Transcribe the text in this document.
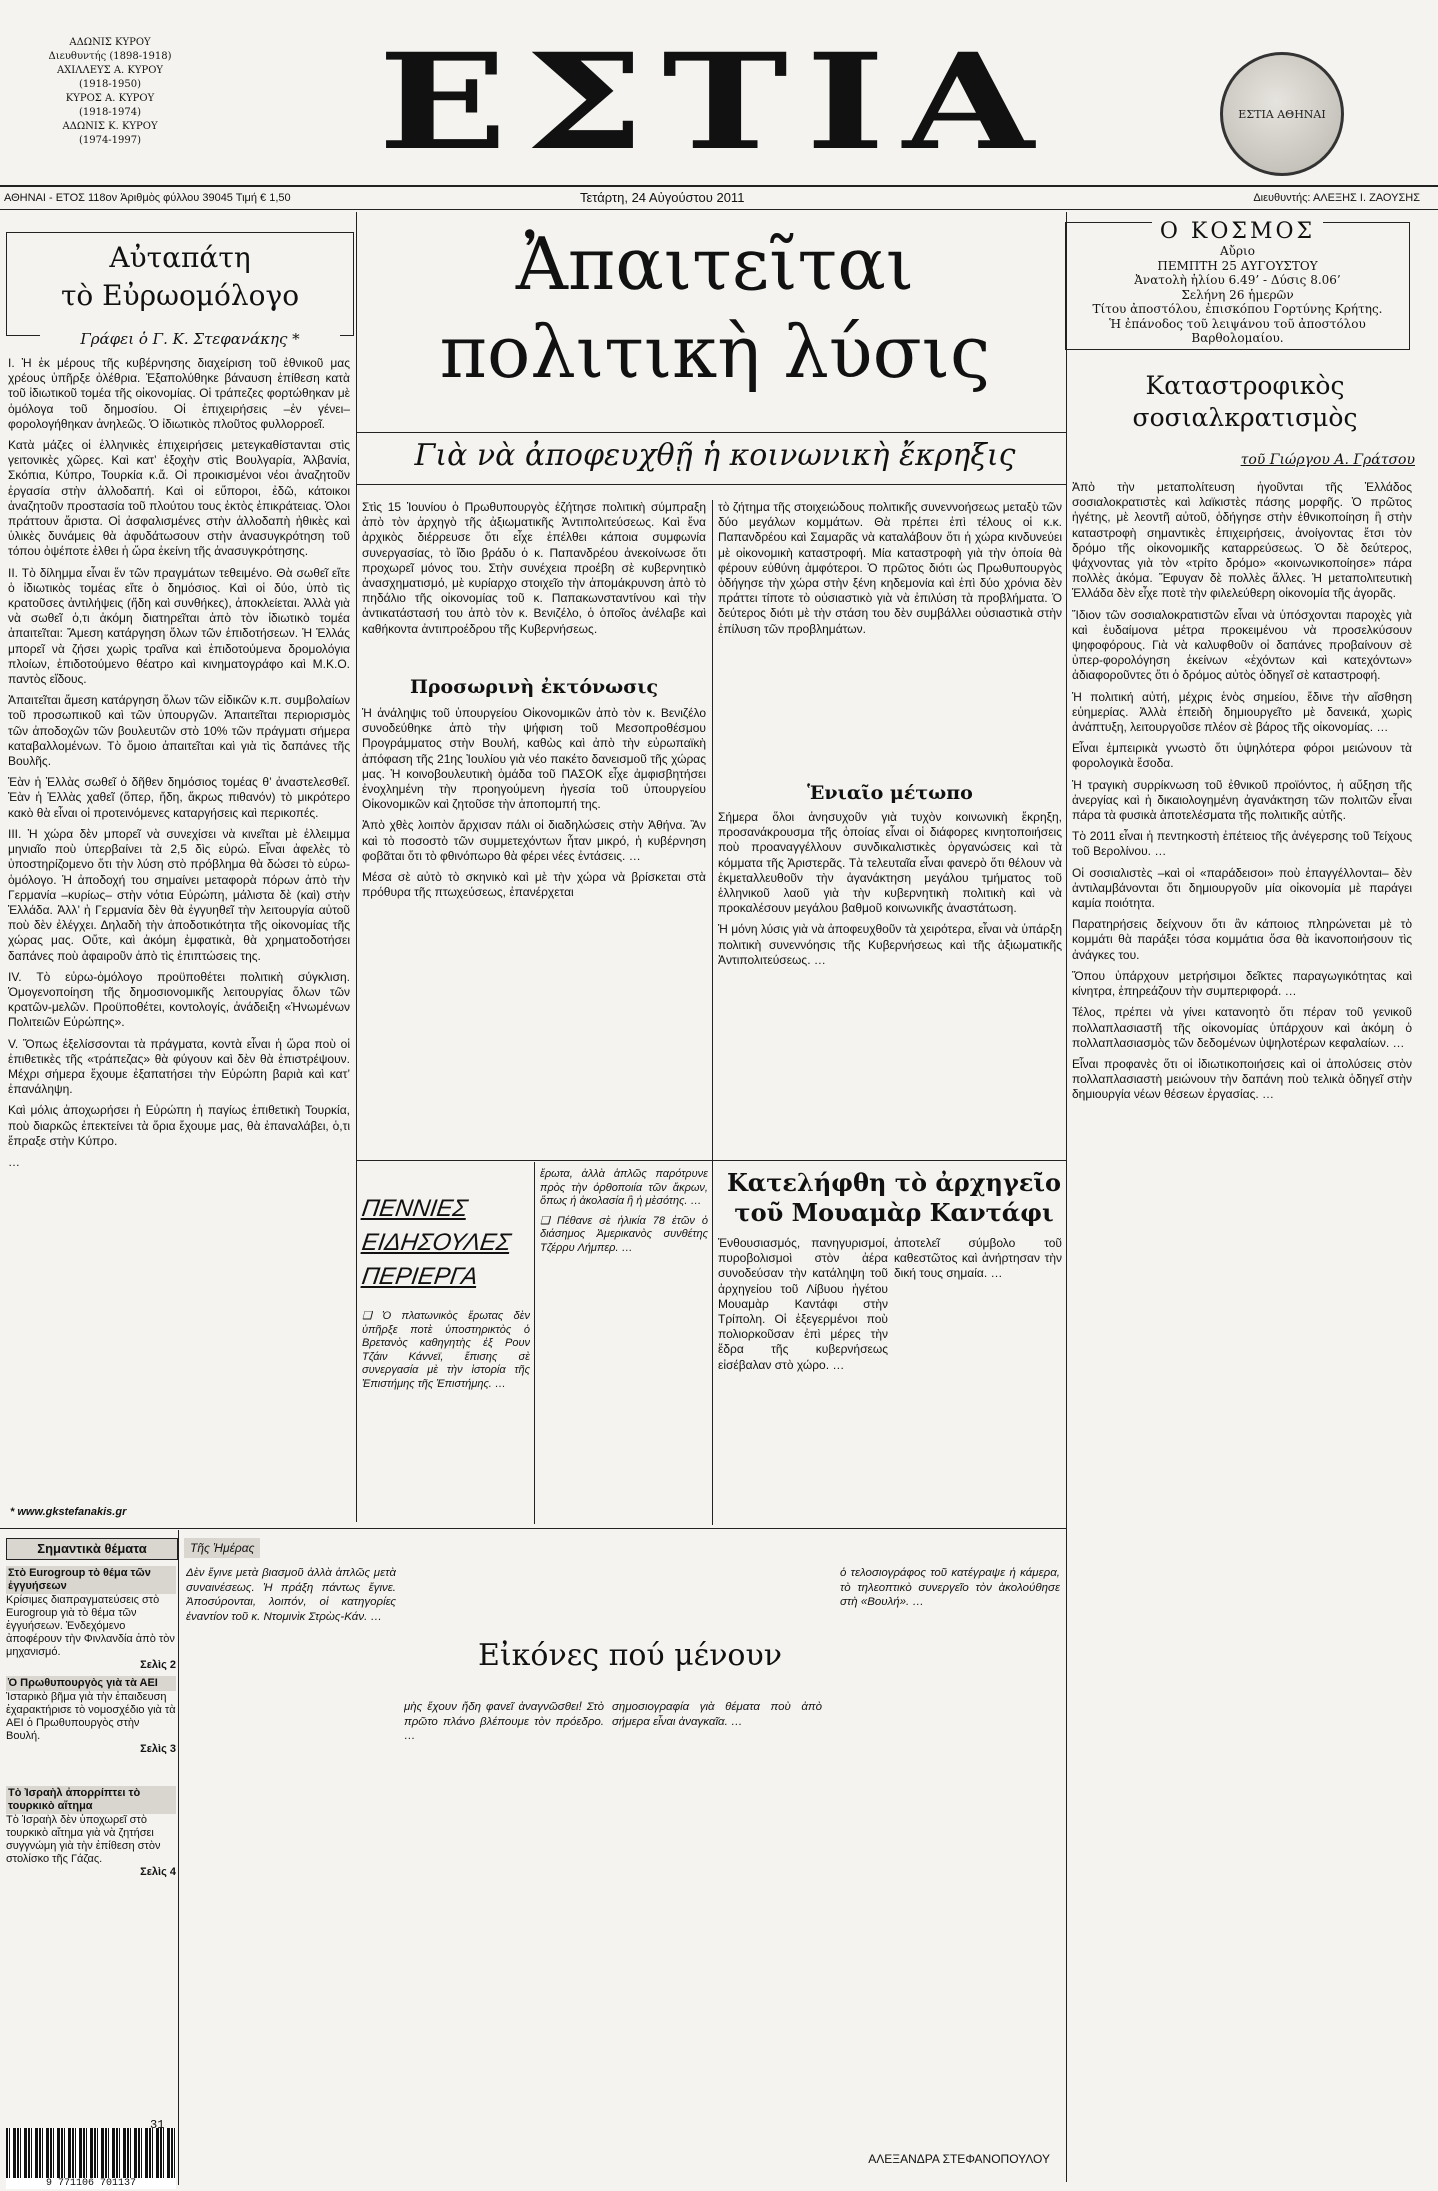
ΑΔΩΝΙΣ ΚΥΡΟΥ
Διευθυντής (1898-1918)
ΑΧΙΛΛΕΥΣ Α. ΚΥΡΟΥ
(1918-1950)
ΚΥΡΟΣ Α. ΚΥΡΟΥ
(1918-1974)
ΑΔΩΝΙΣ Κ. ΚΥΡΟΥ
(1974-1997)	ΕΣΤΙΑ	ΕΣΤΙΑ ΑΘΗΝΑΙ
ΑΘΗΝΑΙ - ΕΤΟΣ 118ον Ἀριθμὸς φύλλου 39045 Τιμή € 1,50	Τετάρτη, 24 Αὐγούστου 2011	Διευθυντής: ΑΛΕΞΗΣ Ι. ΖΑΟΥΣΗΣ
Αὐταπάτη
τὸ Εὐρωομόλογο
Γράφει ὁ Γ. Κ. Στεφανάκης *

Ι. Ἡ ἐκ μέρους τῆς κυβέρνησης διαχείριση τοῦ ἐθνικοῦ μας χρέους ὑπῆρξε ὀλέθρια. Ἐξαπολύθηκε βάναυση ἐπίθεση κατὰ τοῦ ἰδιωτικοῦ τομέα τῆς οἰκονομίας. Οἱ τράπεζες φορτώθηκαν μὲ ὁμόλογα τοῦ δημοσίου. Οἱ ἐπιχειρήσεις –ἐν γένει– φορολογήθηκαν ἀνηλεῶς. Ὁ ἰδιωτικὸς πλοῦτος φυλλορροεῖ.

Κατὰ μάζες οἱ ἑλληνικὲς ἐπιχειρήσεις μετεγκαθίστανται στὶς γειτονικὲς χῶρες. Καὶ κατ’ ἐξοχὴν στὶς Βουλγαρία, Ἀλβανία, Σκόπια, Κύπρο, Τουρκία κ.ἄ. Οἱ προικισμένοι νέοι ἀναζητοῦν ἐργασία στὴν ἀλλοδαπή. Καὶ οἱ εὔποροι, ἐδῶ, κάτοικοι ἀναζητοῦν προστασία τοῦ πλούτου τους ἐκτὸς ἐπικράτειας. Ὁλοι πράττουν ἄριστα. Οἱ ἀσφαλισμένες στὴν ἀλλοδαπὴ ἠθικὲς καὶ ὑλικὲς δυνάμεις θὰ ἀφυδάτωσουν στὴν ἀνασυγκρότηση τοῦ τόπου ὀψέποτε ἐλθει ἡ ὥρα ἐκείνη τῆς ἀνασυγκρότησης.

ΙΙ. Τὸ δίλημμα εἶναι ἕν τῶν πραγμάτων τεθειμένο. Θὰ σωθεῖ εἴτε ὁ ἰδιωτικὸς τομέας εἴτε ὁ δημόσιος. Καὶ οἱ δύο, ὑπὸ τὶς κρατοῦσες ἀντιλήψεις (ἤδη καὶ συνθήκες), ἀποκλείεται. Ἀλλὰ γιὰ νὰ σωθεῖ ὁ,τι ἀκόμη διατηρεῖται ἀπὸ τὸν ἰδιωτικὸ τομέα ἀπαιτεῖται: Ἄμεση κατάργηση ὅλων τῶν ἐπιδοτήσεων. Ἡ Ἑλλάς μπορεῖ νὰ ζήσει χωρὶς τραῖνα καὶ ἐπιδοτούμενα δρομολόγια πλοίων, ἐπιδοτούμενο θέατρο καὶ κινηματογράφο καὶ Μ.Κ.Ο. παντὸς εἴδους.

Ἀπαιτεῖται ἄμεση κατάργηση ὅλων τῶν εἰδικῶν κ.π. συμβολαίων τοῦ προσωπικοῦ καὶ τῶν ὑπουργῶν. Ἀπαιτεῖται περιορισμὸς τῶν ἀποδοχῶν τῶν βουλευτῶν στὸ 10% τῶν πράγματι σήμερα καταβαλλομένων. Τὸ ὅμοιο ἀπαιτεῖται καὶ γιὰ τὶς δαπάνες τῆς Βουλῆς.

Ἐὰν ἡ Ἑλλὰς σωθεῖ ὁ δῆθεν δημόσιος τομέας θ’ ἀναστελεσθεῖ. Ἐὰν ἡ Ἑλλὰς χαθεῖ (ὅπερ, ἤδη, ἄκρως πιθανόν) τὸ μικρότερο κακὸ θὰ εἶναι οἱ προτεινόμενες καταργήσεις καὶ περικοπές.

ΙΙΙ. Ἡ χώρα δὲν μπορεῖ νὰ συνεχίσει νὰ κινεῖται μὲ ἐλλειμμα μηνιαῖο ποὺ ὑπερβαίνει τὰ 2,5 δὶς εὐρώ. Εἶναι ἀφελὲς τὸ ὑποστηρίζομενο ὅτι τὴν λύση στὸ πρόβλημα θὰ δώσει τὸ εὐρω-ὁμόλογο. Ἡ ἀποδοχή του σημαίνει μεταφορὰ πόρων ἀπὸ τὴν Γερμανία –κυρίως– στὴν νότια Εὐρώπη, μάλιστα δὲ (καὶ) στὴν Ἑλλάδα. Ἀλλ’ ἡ Γερμανία δὲν θὰ ἐγγυηθεῖ τὴν λειτουργία αὐτοῦ ποὺ δὲν ἐλέγχει. Δηλαδὴ τὴν ἀποδοτικότητα τῆς οἰκονομίας τῆς χώρας μας. Οὔτε, καὶ ἀκόμη ἐμφατικὰ, θὰ χρηματοδοτήσει δαπάνες ποὺ ἀφαιροῦν ἀπὸ τὶς ἐπιπτώσεις της.

IV. Τὸ εὐρω-ὁμόλογο προϋποθέτει πολιτικὴ σύγκλιση. Ὁμογενοποίηση τῆς δημοσιονομικῆς λειτουργίας ὅλων τῶν κρατῶν-μελῶν. Προϋποθέτει, κοντολογίς, ἀνάδειξη «Ἡνωμένων Πολιτειῶν Εὐρώπης».

V. Ὅπως ἐξελίσσονται τὰ πράγματα, κοντὰ εἶναι ἡ ὥρα ποὺ οἱ ἐπιθετικὲς τῆς «τράπεζας» θὰ φύγουν καὶ δὲν θὰ ἐπιστρέψουν. Μέχρι σήμερα ἔχουμε ἐξαπατήσει τὴν Εὐρώπη βαριὰ καὶ κατ’ ἐπανάληψη.

Καὶ μόλις ἀποχωρήσει ἡ Εὐρώπη ἡ παγίως ἐπιθετικὴ Τουρκία, ποὺ διαρκῶς ἐπεκτείνει τὰ ὅρια ἔχουμε μας, θὰ ἐπαναλάβει, ὁ,τι ἔπραξε στὴν Κύπρο.

…

* www.gkstefanakis.gr
Ἀπαιτεῖται
πολιτικὴ λύσις
Γιὰ νὰ ἀποφευχθῇ ἡ κοινωνικὴ ἔκρηξις

Στὶς 15 Ἰουνίου ὁ Πρωθυπουργὸς ἐζήτησε πολιτικὴ σύμπραξη ἀπὸ τὸν ἀρχηγὸ τῆς ἀξιωματικῆς Ἀντιπολιτεύσεως. Καὶ ἕνα ἀρχικὸς διέρρευσε ὅτι εἶχε ἐπέλθει κάποια συμφωνία συνεργασίας, τὸ ἴδιο βράδυ ὁ κ. Παπανδρέου ἀνεκοίνωσε ὅτι προχωρεῖ μόνος του. Στὴν συνέχεια προέβη σὲ κυβερνητικὸ ἀνασχηματισμό, μὲ κυρίαρχο στοιχεῖο τὴν ἀπομάκρυνση ἀπὸ τὸ πηδάλιο τῆς οἰκονομίας τοῦ κ. Παπακωνσταντίνου καὶ τὴν ἀντικατάστασή του ἀπὸ τὸν κ. Βενιζέλο, ὁ ὁποῖος ἀνέλαβε καὶ καθήκοντα ἀντιπροέδρου τῆς Κυβερνήσεως.

Προσωρινὴ ἐκτόνωσις

Ἡ ἀνάληψις τοῦ ὑπουργείου Οἰκονομικῶν ἀπὸ τὸν κ. Βενιζέλο συνοδεύθηκε ἀπὸ τὴν ψήφιση τοῦ Μεσοπροθέσμου Προγράμματος στὴν Βουλή, καθὼς καὶ ἀπὸ τὴν εὐρωπαϊκὴ ἀπόφαση τῆς 21ης Ἰουλίου γιὰ νέο πακέτο δανεισμοῦ τῆς χώρας μας. Ἡ κοινοβουλευτικὴ ὁμάδα τοῦ ΠΑΣΟΚ εἶχε ἀμφισβητήσει ἐνοχλημένη τὴν προηγούμενη ἡγεσία τοῦ ὑπουργείου Οἰκονομικῶν καὶ ζητοῦσε τὴν ἀποπομπή της.

Ἀπὸ χθὲς λοιπὸν ἄρχισαν πάλι οἱ διαδηλώσεις στὴν Ἀθήνα. Ἂν καὶ τὸ ποσοστὸ τῶν συμμετεχόντων ἦταν μικρό, ἡ κυβέρνηση φοβᾶται ὅτι τὸ φθινόπωρο θὰ φέρει νέες ἐντάσεις. …

Μέσα σὲ αὐτὸ τὸ σκηνικὸ καὶ μὲ τὴν χώρα νὰ βρίσκεται στὰ πρόθυρα τῆς πτωχεύσεως, ἐπανέρχεται

τὸ ζήτημα τῆς στοιχειώδους πολιτικῆς συνεννοήσεως μεταξὺ τῶν δύο μεγάλων κομμάτων. Θὰ πρέπει ἐπὶ τέλους οἱ κ.κ. Παπανδρέου καὶ Σαμαρᾶς νὰ καταλάβουν ὅτι ἡ χώρα κινδυνεύει μὲ οἰκονομικὴ καταστροφή. Μία καταστροφὴ γιὰ τὴν ὁποία θὰ φέρουν εὐθύνη ἀμφότεροι. Ὁ πρῶτος διότι ὡς Πρωθυπουργὸς ὁδήγησε τὴν χώρα στὴν ξένη κηδεμονία καὶ ἐπὶ δύο χρόνια δὲν πράττει τίποτε τὸ οὐσιαστικὸ γιὰ νὰ ἐπιλύση τὰ προβλήματα. Ὁ δεύτερος διότι μὲ τὴν στάση του δὲν συμβάλλει οὐσιαστικὰ στὴν ἐπίλυση τῶν προβλημάτων.

Ἑνιαῖο μέτωπο

Σήμερα ὅλοι ἀνησυχοῦν γιὰ τυχὸν κοινωνικὴ ἔκρηξη, προσανάκρουσμα τῆς ὁποίας εἶναι οἱ διάφορες κινητοποιήσεις ποὺ προαναγγέλλουν συνδικαλιστικὲς ὀργανώσεις καὶ τὰ κόμματα τῆς Ἀριστερᾶς. Τὰ τελευταῖα εἶναι φανερὸ ὅτι θέλουν νὰ ἐκμεταλλευθοῦν τὴν ἀγανάκτηση μεγάλου τμήματος τοῦ ἑλληνικοῦ λαοῦ γιὰ τὴν κυβερνητικὴ πολιτικὴ καὶ νὰ προκαλέσουν μεγάλου βαθμοῦ κοινωνικῆς ἀναστάτωση.

Ἡ μόνη λύσις γιὰ νὰ ἀποφευχθοῦν τὰ χειρότερα, εἶναι νὰ ὑπάρξη πολιτικὴ συνεννόησις τῆς Κυβερνήσεως καὶ τῆς ἀξιωματικῆς Ἀντιπολιτεύσεως. …

Ο ΚΟΣΜΟΣ
Αὔριο
ΠΕΜΠΤΗ 25 ΑΥΓΟΥΣΤΟΥ
Ἀνατολὴ ἡλίου 6.49’ - Δύσις 8.06’
Σελήνη 26 ἡμερῶν
Τίτου ἀποστόλου, ἐπισκόπου Γορτύνης Κρήτης.
Ἡ ἐπάνοδος τοῦ λειψάνου τοῦ ἀποστόλου Βαρθολομαίου.
Καταστροφικὸς
σοσιαλκρατισμὸς
τοῦ Γιώργου Α. Γράτσου

Ἀπὸ τὴν μεταπολίτευση ἡγοῦνται τῆς Ἑλλάδος σοσιαλοκρατιστὲς καὶ λαϊκιστὲς πάσης μορφῆς. Ὁ πρῶτος ἡγέτης, μὲ λεοντῆ αὐτοῦ, ὁδήγησε στὴν ἐθνικοποίηση ἢ στὴν καταστροφὴ σημαντικὲς ἐπιχειρήσεις, ἀνοίγοντας ἔτσι τὸν δρόμο τῆς οἰκονομικῆς καταρρεύσεως. Ὁ δὲ δεύτερος, ψάχνοντας γιὰ τὸν «τρίτο δρόμο» «κοινωνικοποίησε» πάρα πολλὲς ἀκόμα. Ἔφυγαν δὲ πολλὲς ἄλλες. Ἡ μεταπολιτευτικὴ Ἑλλάδα δὲν εἶχε ποτὲ τὴν φιλελεύθερη οἰκονομία τῆς ἀγορᾶς.

Ἴδιον τῶν σοσιαλοκρατιστῶν εἶναι νὰ ὑπόσχονται παροχὲς γιὰ καὶ ἐυδαίμονα μέτρα προκειμένου νὰ προσελκύσουν ψηφοφόρους. Γιὰ νὰ καλυφθοῦν οἱ δαπάνες προβαίνουν σὲ ὑπερ-φορολόγηση ἐκείνων «ἐχόντων καὶ κατεχόντων» ἀδιαφοροῦντες ὅτι ὁ δρόμος αὐτὸς ὁδηγεῖ σὲ καταστροφή.

Ἡ πολιτική αὐτή, μέχρις ἑνὸς σημείου, ἔδινε τὴν αἴσθηση εὐημερίας. Ἀλλὰ ἐπειδὴ δημιουργεῖτο μὲ δανεικά, χωρὶς ἀνάπτυξη, λειτουργοῦσε πλέον σὲ βάρος τῆς οἰκονομίας. …

Εἶναι ἐμπειρικὰ γνωστὸ ὅτι ὑψηλότερα φόροι μειώνουν τὰ φορολογικὰ ἔσοδα.

Ἡ τραγικὴ συρρίκνωση τοῦ ἐθνικοῦ προϊόντος, ἡ αὔξηση τῆς ἀνεργίας καὶ ἡ δικαιολογημένη ἀγανάκτηση τῶν πολιτῶν εἶναι πάρα τὰ φυσικὰ ἀποτελέσματα τῆς πολιτικῆς αὐτῆς.

Τὸ 2011 εἶναι ἡ πεντηκοστὴ ἐπέτειος τῆς ἀνέγερσης τοῦ Τείχους τοῦ Βερολίνου. …

Οἱ σοσιαλιστὲς –καὶ οἱ «παράδεισοι» ποὺ ἐπαγγέλλονται– δὲν ἀντιλαμβάνονται ὅτι δημιουργοῦν μία οἰκονομία μὲ παράγει καμία ποιότητα.

Παρατηρήσεις δείχνουν ὅτι ἂν κάποιος πληρώνεται μὲ τὸ κομμάτι θὰ παράξει τόσα κομμάτια ὅσα θὰ ἱκανοποιήσουν τὶς ἀνάγκες του.

Ὅπου ὑπάρχουν μετρήσιμοι δεῖκτες παραγωγικότητας καὶ κίνητρα, ἐπηρεάζουν τὴν συμπεριφορά. …

Τέλος, πρέπει νὰ γίνει κατανοητὸ ὅτι πέραν τοῦ γενικοῦ πολλαπλασιαστῆ τῆς οἰκονομίας ὑπάρχουν καὶ ἀκόμη ὁ πολλαπλασιασμὸς τῶν δεδομένων ὑψηλοτέρων κεφαλαίων. …

Εἶναι προφανὲς ὅτι οἱ ἰδιωτικοποιήσεις καὶ οἱ ἀπολύσεις στὸν πολλαπλασιαστὴ μειώνουν τὴν δαπάνη ποὺ τελικὰ ὁδηγεῖ στὴν δημιουργία νέων θέσεων ἐργασίας. …

ΠΕΝΝΙΕΣ
ΕΙΔΗΣΟΥΛΕΣ
ΠΕΡΙΕΡΓΑ

❑ Ὁ πλατωνικὸς ἔρωτας δὲν ὑπῆρξε ποτὲ ὑποστηρικτὸς ὁ Βρετανὸς καθηγητὴς ἐξ Ρουν Τζάιν Κάννεϊ, ἔπισης σὲ συνεργασία μὲ τὴν ἱστορία τῆς Ἐπιστήμης τῆς Ἐπιστήμης. …

ἔρωτα, ἀλλὰ ἁπλῶς παρότρυνε πρὸς τὴν ὀρθοποιία τῶν ἄκρων, ὅπως ἡ ἀκολασία ἢ ἡ μὲσότης. …

❑ Πέθανε σὲ ἡλικία 78 ἐτῶν ὁ διάσημος Ἀμερικανὸς συνθέτης Τζέρρυ Λήμπερ. …

Κατελήφθη τὸ ἀρχηγεῖο
τοῦ Μουαμὰρ Καντάφι

Ἐνθουσιασμός, πανηγυρισμοί, πυροβολισμοὶ στὸν ἀέρα συνοδεύσαν τὴν κατάληψη τοῦ ἀρχηγείου τοῦ Λίβυου ἡγέτου Μουαμὰρ Καντάφι στὴν Τρίπολη. Οἱ ἐξεγερμένοι ποὺ πολιορκοῦσαν ἐπὶ μέρες τὴν ἕδρα τῆς κυβερνήσεως εἰσέβαλαν στὸ χώρο. …

ἀποτελεῖ σύμβολο τοῦ καθεστῶτος καὶ ἀνήρτησαν τὴν δική τους σημαία. …

Σημαντικὰ θέματα
Στὸ Eurogroup τὸ θέμα τῶν ἐγγυήσεων
Κρίσιμες διαπραγματεύσεις στὸ Eurogroup γιὰ τὸ θέμα τῶν ἐγγυήσεων. Ἐνδεχόμενο ἀποφέρουν τὴν Φινλανδία ἀπὸ τὸν μηχανισμό.
Σελὶς 2
Ὁ Πρωθυπουργὸς γιὰ τὰ ΑΕΙ
Ἰσταρικὸ βῆμα γιὰ τὴν ἐπαιδευση ἐχαρακτήρισε τὸ νομοσχέδιο γιὰ τὰ ΑΕΙ ὁ Πρωθυπουργὸς στὴν Βουλή.
Σελὶς 3
Τὸ Ἰσραὴλ ἀπορρίπτει τὸ τουρκικὸ αἴτημα
Τὸ Ἰσραὴλ δὲν ὑποχωρεῖ στὸ τουρκικὸ αἴτημα γιὰ νὰ ζητήσει συγγνώμη γιὰ τὴν ἐπίθεση στὸν στολίσκο τῆς Γάζας.
Σελὶς 4
9 771106 701137
31
Τῆς Ἡμέρας

Δὲν ἔγινε μετὰ βιασμοῦ ἀλλὰ ἁπλῶς μετὰ συναινέσεως. Ἡ πράξη πάντως ἔγινε. Ἀποσύρονται, λοιπόν, οἱ κατηγορίες ἐναντίον τοῦ κ. Ντομινὶκ Στρὼς-Κάν. …

Εἰκόνες πού μένουν

μὴς ἔχουν ἤδη φανεῖ ἀναγνῶσθει! Στὸ πρῶτο πλάνο βλέπουμε τὸν πρόεδρο. …

σημοσιογραφία γιὰ θέματα ποὺ ἀπὸ σήμερα εἶναι ἀναγκαῖα. …

ὁ τελοσιογράφος τοῦ κατέγραψε ἡ κάμερα, τὸ τηλεοπτικὸ συνεργεῖο τὸν ἀκολούθησε στὴ «Βουλή». …

ΑΛΕΞΑΝΔΡΑ ΣΤΕΦΑΝΟΠΟΥΛΟΥ
